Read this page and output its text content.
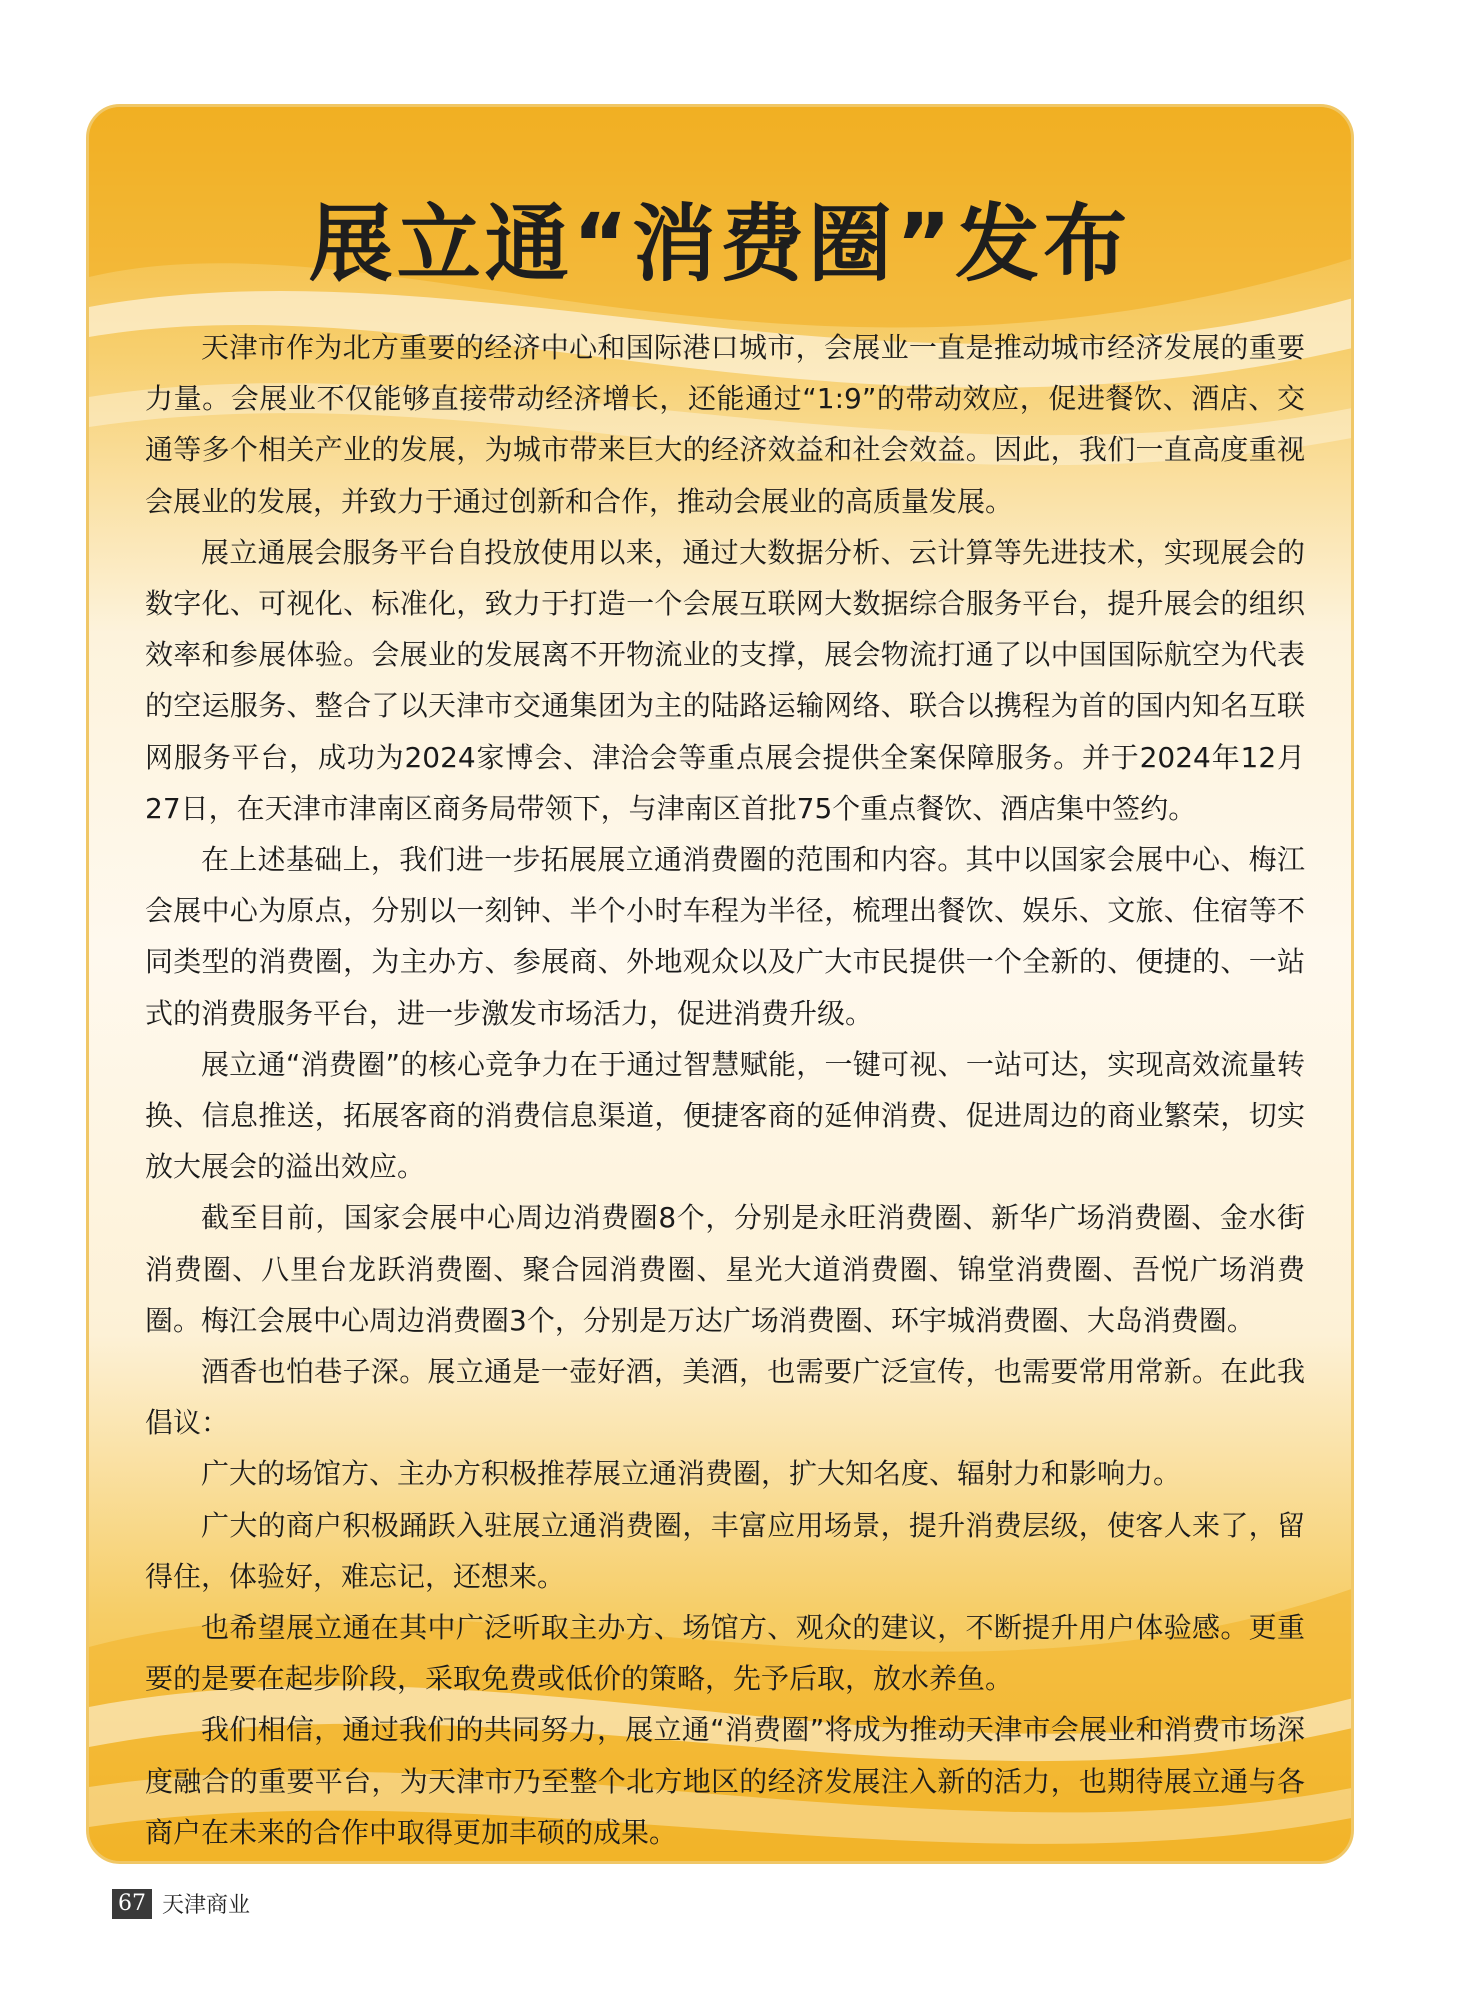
展立通“消费圈”发布

天津市作为北方重要的经济中心和国际港口城市，会展业一直是推动城市经济发展的重要力量。会展业不仅能够直接带动经济增长，还能通过“1:9”的带动效应，促进餐饮、酒店、交通等多个相关产业的发展，为城市带来巨大的经济效益和社会效益。因此，我们一直高度重视会展业的发展，并致力于通过创新和合作，推动会展业的高质量发展。

展立通展会服务平台自投放使用以来，通过大数据分析、云计算等先进技术，实现展会的数字化、可视化、标准化，致力于打造一个会展互联网大数据综合服务平台，提升展会的组织效率和参展体验。会展业的发展离不开物流业的支撑，展会物流打通了以中国国际航空为代表的空运服务、整合了以天津市交通集团为主的陆路运输网络、联合以携程为首的国内知名互联网服务平台，成功为2024家博会、津洽会等重点展会提供全案保障服务。并于2024年12月27日，在天津市津南区商务局带领下，与津南区首批75个重点餐饮、酒店集中签约。

在上述基础上，我们进一步拓展展立通消费圈的范围和内容。其中以国家会展中心、梅江会展中心为原点，分别以一刻钟、半个小时车程为半径，梳理出餐饮、娱乐、文旅、住宿等不同类型的消费圈，为主办方、参展商、外地观众以及广大市民提供一个全新的、便捷的、一站式的消费服务平台，进一步激发市场活力，促进消费升级。

展立通“消费圈”的核心竞争力在于通过智慧赋能，一键可视、一站可达，实现高效流量转换、信息推送，拓展客商的消费信息渠道，便捷客商的延伸消费、促进周边的商业繁荣，切实放大展会的溢出效应。

截至目前，国家会展中心周边消费圈8个，分别是永旺消费圈、新华广场消费圈、金水街消费圈、八里台龙跃消费圈、聚合园消费圈、星光大道消费圈、锦堂消费圈、吾悦广场消费圈。梅江会展中心周边消费圈3个，分别是万达广场消费圈、环宇城消费圈、大岛消费圈。

酒香也怕巷子深。展立通是一壶好酒，美酒，也需要广泛宣传，也需要常用常新。在此我倡议：

广大的场馆方、主办方积极推荐展立通消费圈，扩大知名度、辐射力和影响力。

广大的商户积极踊跃入驻展立通消费圈，丰富应用场景，提升消费层级，使客人来了，留得住，体验好，难忘记，还想来。

也希望展立通在其中广泛听取主办方、场馆方、观众的建议，不断提升用户体验感。更重要的是要在起步阶段，采取免费或低价的策略，先予后取，放水养鱼。

我们相信，通过我们的共同努力，展立通“消费圈”将成为推动天津市会展业和消费市场深度融合的重要平台，为天津市乃至整个北方地区的经济发展注入新的活力，也期待展立通与各商户在未来的合作中取得更加丰硕的成果。

67 天津商业
